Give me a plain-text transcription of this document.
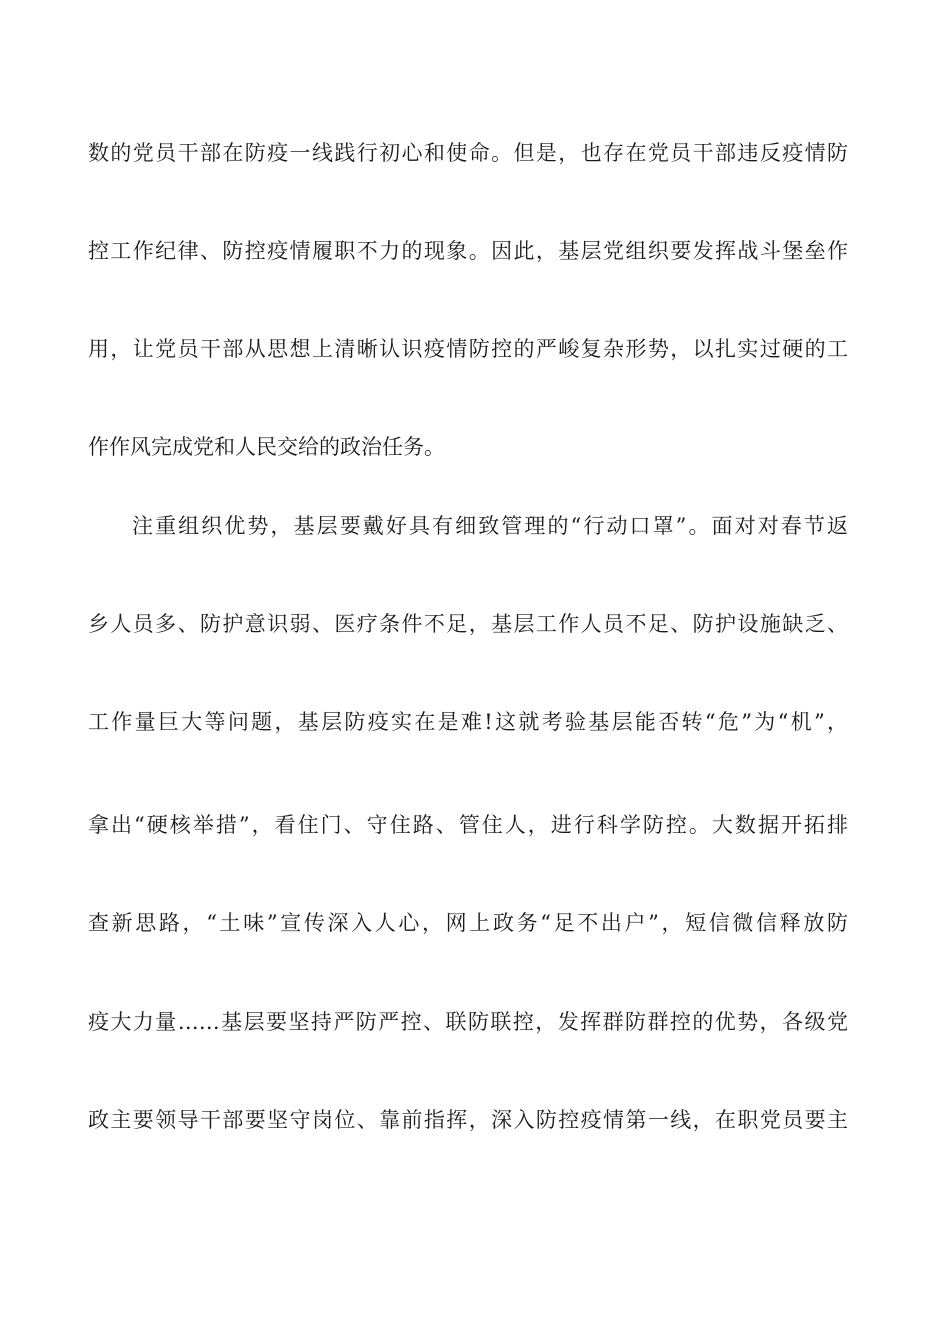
数的党员干部在防疫一线践行初心和使命。但是，也存在党员干部违反疫情防
控工作纪律、防控疫情履职不力的现象。因此，基层党组织要发挥战斗堡垒作
用，让党员干部从思想上清晰认识疫情防控的严峻复杂形势，以扎实过硬的工
作作风完成党和人民交给的政治任务。
注重组织优势，基层要戴好具有细致管理的“行动口罩”。面对对春节返
乡人员多、防护意识弱、医疗条件不足，基层工作人员不足、防护设施缺乏、
工作量巨大等问题，基层防疫实在是难!这就考验基层能否转“危”为“机”，
拿出“硬核举措”，看住门、守住路、管住人，进行科学防控。大数据开拓排
查新思路，“土味”宣传深入人心，网上政务“足不出户”，短信微信释放防
疫大力量……基层要坚持严防严控、联防联控，发挥群防群控的优势，各级党
政主要领导干部要坚守岗位、靠前指挥，深入防控疫情第一线，在职党员要主
